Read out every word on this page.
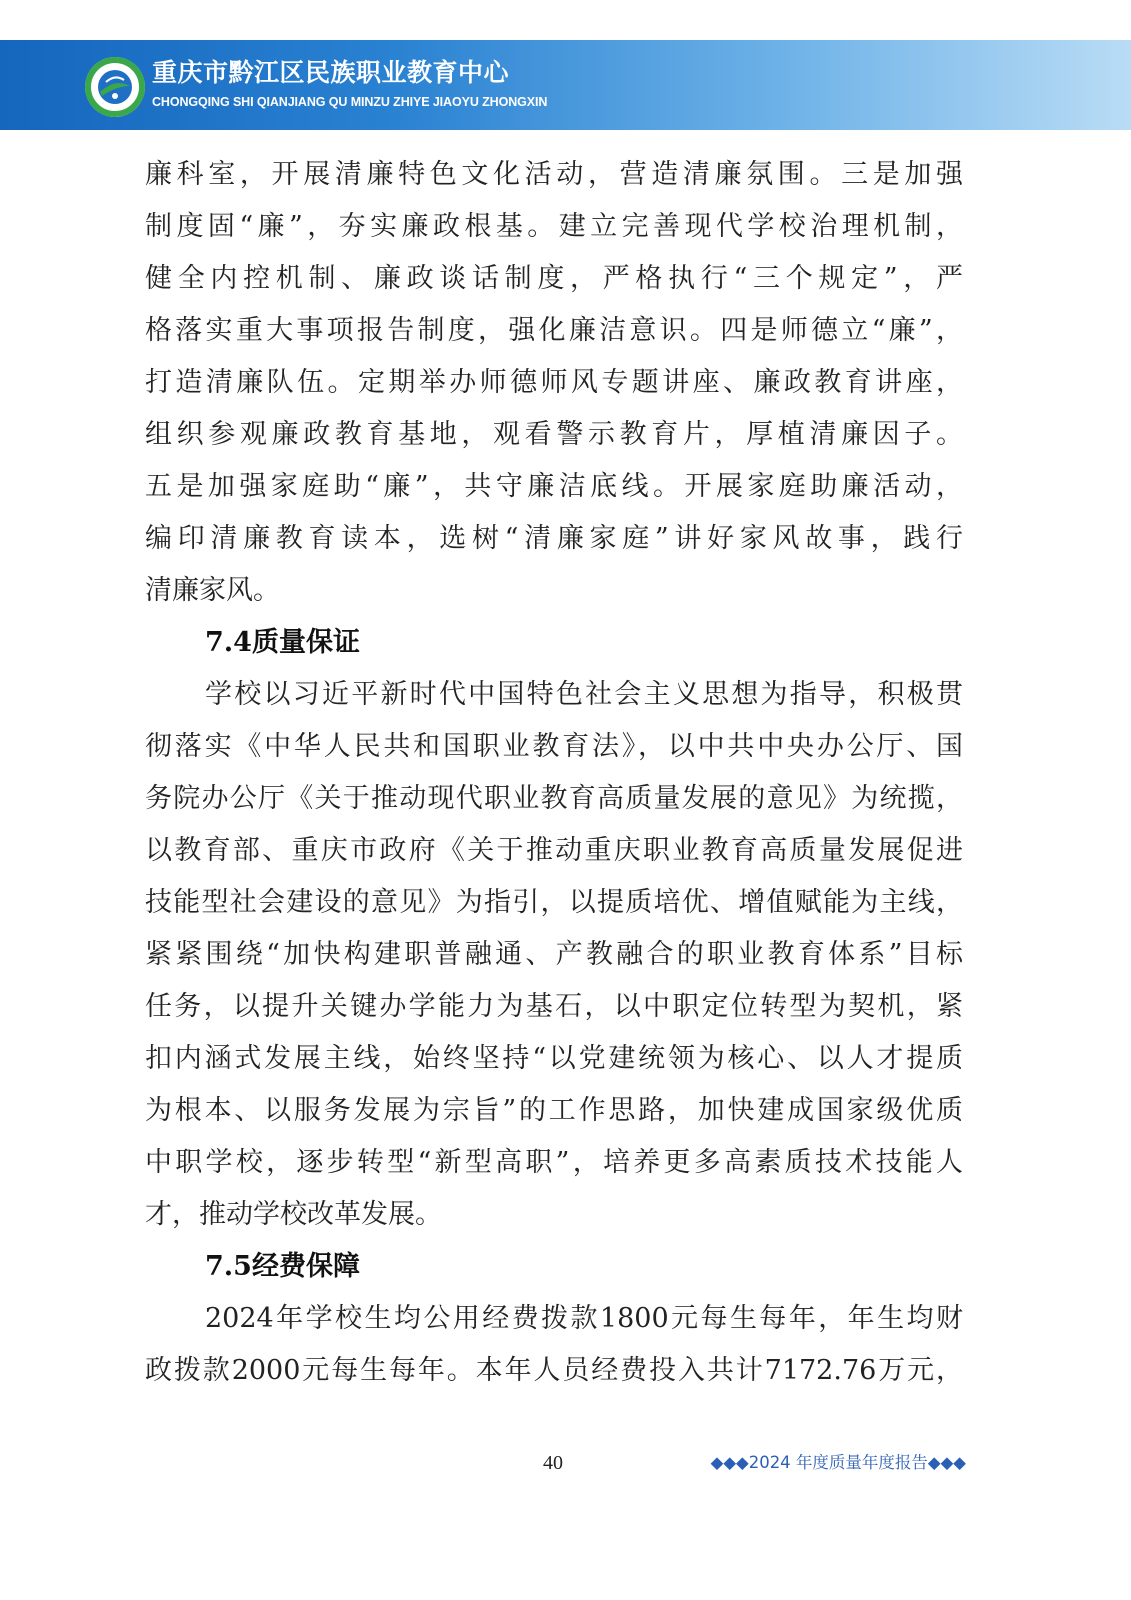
重庆市黔江区民族职业教育中心
CHONGQING SHI QIANJIANG QU MINZU ZHIYE JIAOYU ZHONGXIN
廉科室，开展清廉特色文化活动，营造清廉氛围。三是加强
制度固“廉”，夯实廉政根基。建立完善现代学校治理机制，
健全内控机制、廉政谈话制度，严格执行“三个规定”，严
格落实重大事项报告制度，强化廉洁意识。四是师德立“廉”，
打造清廉队伍。定期举办师德师风专题讲座、廉政教育讲座，
组织参观廉政教育基地，观看警示教育片，厚植清廉因子。
五是加强家庭助“廉”，共守廉洁底线。开展家庭助廉活动，
编印清廉教育读本，选树“清廉家庭”讲好家风故事，践行
清廉家风。
7.4质量保证
学校以习近平新时代中国特色社会主义思想为指导，积极贯
彻落实《中华人民共和国职业教育法》，以中共中央办公厅、国
务院办公厅《关于推动现代职业教育高质量发展的意见》为统揽，
以教育部、重庆市政府《关于推动重庆职业教育高质量发展促进
技能型社会建设的意见》为指引，以提质培优、增值赋能为主线，
紧紧围绕“加快构建职普融通、产教融合的职业教育体系”目标
任务，以提升关键办学能力为基石，以中职定位转型为契机，紧
扣内涵式发展主线，始终坚持“以党建统领为核心、以人才提质
为根本、以服务发展为宗旨”的工作思路，加快建成国家级优质
中职学校，逐步转型“新型高职”，培养更多高素质技术技能人
才，推动学校改革发展。
7.5经费保障
2024年学校生均公用经费拨款1800元每生每年，年生均财
政拨款2000元每生每年。本年人员经费投入共计7172.76万元，
40	◆◆◆2024 年度质量年度报告◆◆◆
